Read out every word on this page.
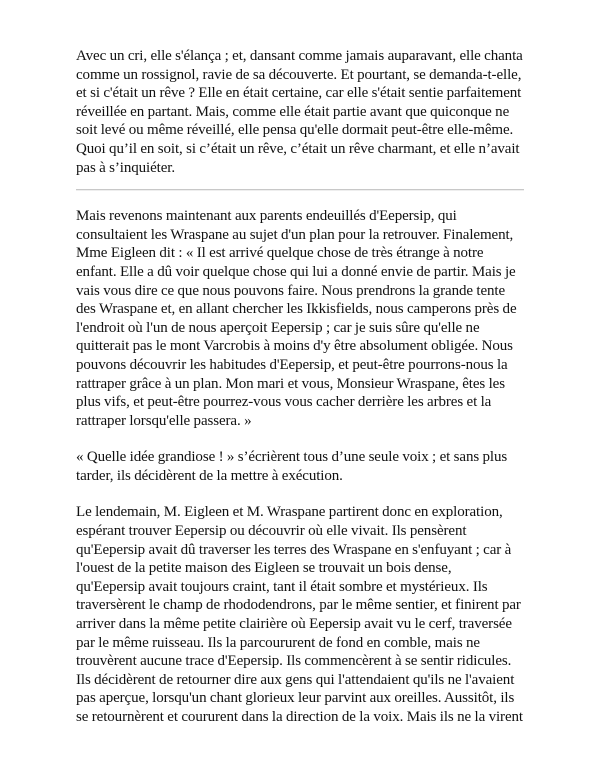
Avec un cri, elle s'élança ; et, dansant comme jamais auparavant, elle chanta
comme un rossignol, ravie de sa découverte. Et pourtant, se demanda-t-elle,
et si c'était un rêve ? Elle en était certaine, car elle s'était sentie parfaitement
réveillée en partant. Mais, comme elle était partie avant que quiconque ne
soit levé ou même réveillé, elle pensa qu'elle dormait peut-être elle-même.
Quoi qu’il en soit, si c’était un rêve, c’était un rêve charmant, et elle n’avait
pas à s’inquiéter.

Mais revenons maintenant aux parents endeuillés d'Eepersip, qui
consultaient les Wraspane au sujet d'un plan pour la retrouver. Finalement,
Mme Eigleen dit : « Il est arrivé quelque chose de très étrange à notre
enfant. Elle a dû voir quelque chose qui lui a donné envie de partir. Mais je
vais vous dire ce que nous pouvons faire. Nous prendrons la grande tente
des Wraspane et, en allant chercher les Ikkisfields, nous camperons près de
l'endroit où l'un de nous aperçoit Eepersip ; car je suis sûre qu'elle ne
quitterait pas le mont Varcrobis à moins d'y être absolument obligée. Nous
pouvons découvrir les habitudes d'Eepersip, et peut-être pourrons-nous la
rattraper grâce à un plan. Mon mari et vous, Monsieur Wraspane, êtes les
plus vifs, et peut-être pourrez-vous vous cacher derrière les arbres et la
rattraper lorsqu'elle passera. »

« Quelle idée grandiose ! » s’écrièrent tous d’une seule voix ; et sans plus
tarder, ils décidèrent de la mettre à exécution.

Le lendemain, M. Eigleen et M. Wraspane partirent donc en exploration,
espérant trouver Eepersip ou découvrir où elle vivait. Ils pensèrent
qu'Eepersip avait dû traverser les terres des Wraspane en s'enfuyant ; car à
l'ouest de la petite maison des Eigleen se trouvait un bois dense,
qu'Eepersip avait toujours craint, tant il était sombre et mystérieux. Ils
traversèrent le champ de rhododendrons, par le même sentier, et finirent par
arriver dans la même petite clairière où Eepersip avait vu le cerf, traversée
par le même ruisseau. Ils la parcoururent de fond en comble, mais ne
trouvèrent aucune trace d'Eepersip. Ils commencèrent à se sentir ridicules.
Ils décidèrent de retourner dire aux gens qui l'attendaient qu'ils ne l'avaient
pas aperçue, lorsqu'un chant glorieux leur parvint aux oreilles. Aussitôt, ils
se retournèrent et coururent dans la direction de la voix. Mais ils ne la virent
